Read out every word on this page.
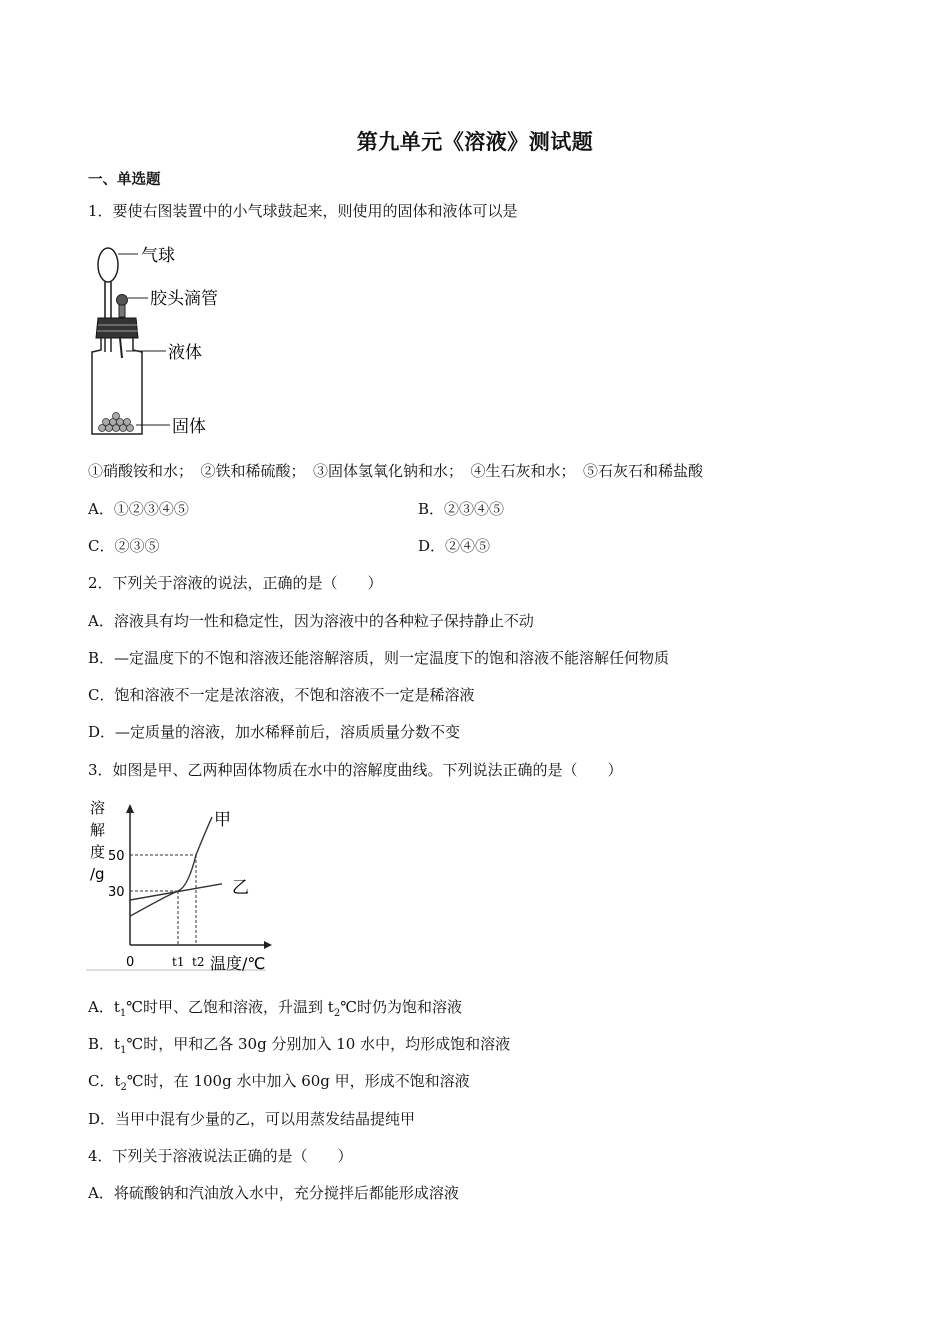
第九单元《溶液》测试题
一、单选题
1．要使右图装置中的小气球鼓起来，则使用的固体和液体可以是
气球
胶头滴管
液体
固体
①硝酸铵和水；　②铁和稀硫酸；　③固体氢氧化钠和水；　④生石灰和水；　⑤石灰石和稀盐酸
A．①②③④⑤	B．②③④⑤
C．②③⑤	D．②④⑤
2．下列关于溶液的说法，正确的是（　　）
A．溶液具有均一性和稳定性，因为溶液中的各种粒子保持静止不动
B．—定温度下的不饱和溶液还能溶解溶质，则一定温度下的饱和溶液不能溶解任何物质
C．饱和溶液不一定是浓溶液，不饱和溶液不一定是稀溶液
D．—定质量的溶液，加水稀释前后，溶质质量分数不变
3．如图是甲、乙两种固体物质在水中的溶解度曲线。下列说法正确的是（　　）
溶
解
度
/g
50
30
甲
乙
0	t1 t2 温度/℃
A．$t_1℃$时甲、乙饱和溶液，升温到 $t_2℃$时仍为饱和溶液
B．$t_1℃$时，甲和乙各 30g 分别加入 10 水中，均形成饱和溶液
C．$t_2℃$时，在 100g 水中加入 60g 甲，形成不饱和溶液
D．当甲中混有少量的乙，可以用蒸发结晶提纯甲
4．下列关于溶液说法正确的是（　　）
A．将硫酸钠和汽油放入水中，充分搅拌后都能形成溶液
